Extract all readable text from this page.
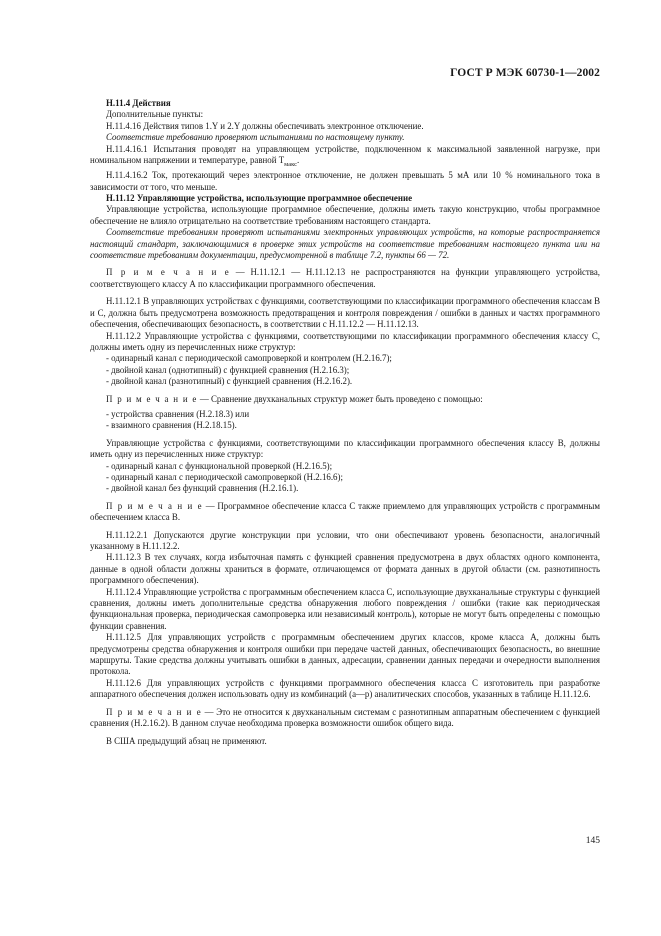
ГОСТ Р МЭК 60730-1—2002

Н.11.4 Действия

Дополнительные пункты:

Н.11.4.16 Действия типов 1.Y и 2.Y должны обеспечивать электронное отключение.

Соответствие требованию проверяют испытаниями по настоящему пункту.

Н.11.4.16.1 Испытания проводят на управляющем устройстве, подключенном к максимальной заявленной нагрузке, при номинальном напряжении и температуре, равной $T_{макс}$.

Н.11.4.16.2 Ток, протекающий через электронное отключение, не должен превышать 5 мА или 10 % номинального тока в зависимости от того, что меньше.

Н.11.12 Управляющие устройства, использующие программное обеспечение

Управляющие устройства, использующие программное обеспечение, должны иметь такую конструкцию, чтобы программное обеспечение не влияло отрицательно на соответствие требованиям настоящего стандарта.

Соответствие требованиям проверяют испытаниями электронных управляющих устройств, на которые распространяется настоящий стандарт, заключающимися в проверке этих устройств на соответствие требованиям настоящего пункта или на соответствие требованиям документации, предусмотренной в таблице 7.2, пункты 66 — 72.

П р и м е ч а н и е — Н.11.12.1 — Н.11.12.13 не распространяются на функции управляющего устройства, соответствующего классу А по классификации программного обеспечения.

Н.11.12.1 В управляющих устройствах с функциями, соответствующими по классификации программного обеспечения классам В и С, должна быть предусмотрена возможность предотвращения и контроля повреждения / ошибки в данных и частях программного обеспечения, обеспечивающих безопасность, в соответствии с Н.11.12.2 — Н.11.12.13.

Н.11.12.2 Управляющие устройства с функциями, соответствующими по классификации программного обеспечения классу С, должны иметь одну из перечисленных ниже структур:

- одинарный канал с периодической самопроверкой и контролем (Н.2.16.7);

- двойной канал (однотипный) с функцией сравнения (Н.2.16.3);

- двойной канал (разнотипный) с функцией сравнения (Н.2.16.2).

П р и м е ч а н и е — Сравнение двухканальных структур может быть проведено с помощью:

- устройства сравнения (Н.2.18.3) или

- взаимного сравнения (Н.2.18.15).

Управляющие устройства с функциями, соответствующими по классификации программного обеспечения классу В, должны иметь одну из перечисленных ниже структур:

- одинарный канал с функциональной проверкой (Н.2.16.5);

- одинарный канал с периодической самопроверкой (Н.2.16.6);

- двойной канал без функций сравнения (Н.2.16.1).

П р и м е ч а н и е — Программное обеспечение класса С также приемлемо для управляющих устройств с программным обеспечением класса В.

Н.11.12.2.1 Допускаются другие конструкции при условии, что они обеспечивают уровень безопасности, аналогичный указанному в Н.11.12.2.

Н.11.12.3 В тех случаях, когда избыточная память с функцией сравнения предусмотрена в двух областях одного компонента, данные в одной области должны храниться в формате, отличающемся от формата данных в другой области (см. разнотипность программного обеспечения).

Н.11.12.4 Управляющие устройства с программным обеспечением класса С, использующие двухканальные структуры с функцией сравнения, должны иметь дополнительные средства обнаружения любого повреждения / ошибки (такие как периодическая функциональная проверка, периодическая самопроверка или независимый контроль), которые не могут быть определены с помощью функции сравнения.

Н.11.12.5 Для управляющих устройств с программным обеспечением других классов, кроме класса А, должны быть предусмотрены средства обнаружения и контроля ошибки при передаче частей данных, обеспечивающих безопасность, во внешние маршруты. Такие средства должны учитывать ошибки в данных, адресации, сравнении данных передачи и очередности выполнения протокола.

Н.11.12.6 Для управляющих устройств с функциями программного обеспечения класса С изготовитель при разработке аппаратного обеспечения должен использовать одну из комбинаций (а—р) аналитических способов, указанных в таблице Н.11.12.6.

П р и м е ч а н и е — Это не относится к двухканальным системам с разнотипным аппаратным обеспечением с функцией сравнения (Н.2.16.2). В данном случае необходима проверка возможности ошибок общего вида.

В США предыдущий абзац не применяют.

145
